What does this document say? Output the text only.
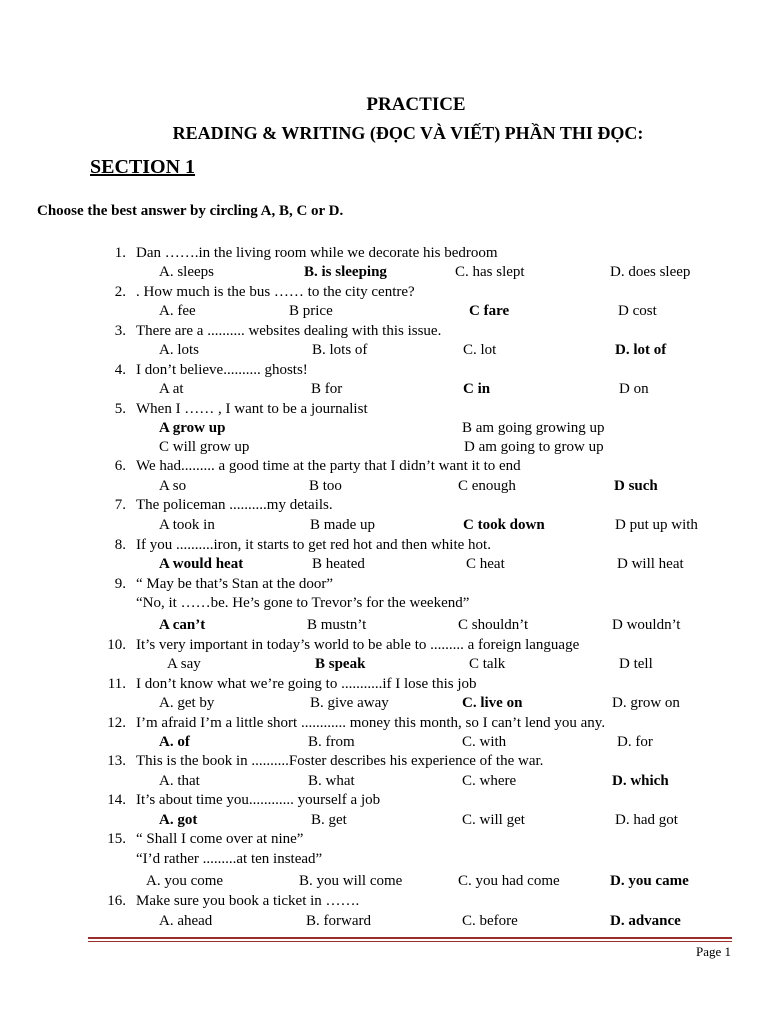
PRACTICE
READING & WRITING (ĐỌC VÀ VIẾT) PHẦN THI ĐỌC:
SECTION 1
Choose the best answer by circling A, B, C or D.
1. Dan …….in the living room while we decorate his bedroom
A. sleeps	B. is sleeping	C. has slept	D. does sleep
2. . How much is the bus …… to the city centre?
A. fee	B price	C fare	D cost
3. There are a .......... websites dealing with this issue.
A. lots	B. lots of	C. lot	D. lot of
4. I don’t believe.......... ghosts!
A at	B for	C in	D on
5. When I …… , I want to be a journalist
A grow up	B am going growing up
C will grow up	D am going to grow up
6. We had......... a good time at the party that I didn’t want it to end
A so	B too	C enough	D such
7. The policeman ..........my details.
A took in	B made up	C took down	D put up with
8. If you ..........iron, it starts to get red hot and then white hot.
A would heat	B heated	C heat	D will heat
9. “ May be that’s Stan at the door”
“No, it ……be. He’s gone to Trevor’s for the weekend”
A can’t	B mustn’t	C shouldn’t	D wouldn’t
10. It’s very important in today’s world to be able to ......... a foreign language
A say	B speak	C talk	D tell
11. I don’t know what we’re going to ...........if I lose this job
A. get by	B. give away	C. live on	D. grow on
12. I’m afraid I’m a little short ............ money this month, so I can’t lend you any.
A. of	B. from	C. with	D. for
13. This is the book in ..........Foster describes his experience of the war.
A. that	B. what	C. where	D. which
14. It’s about time you............ yourself a job
A. got	B. get	C. will get	D. had got
15. “ Shall I come over at nine”
“I’d rather .........at ten instead”
A. you come	B. you will come	C. you had come	D. you came
16. Make sure you book a ticket in …….
A. ahead	B. forward	C. before	D. advance
Page 1
